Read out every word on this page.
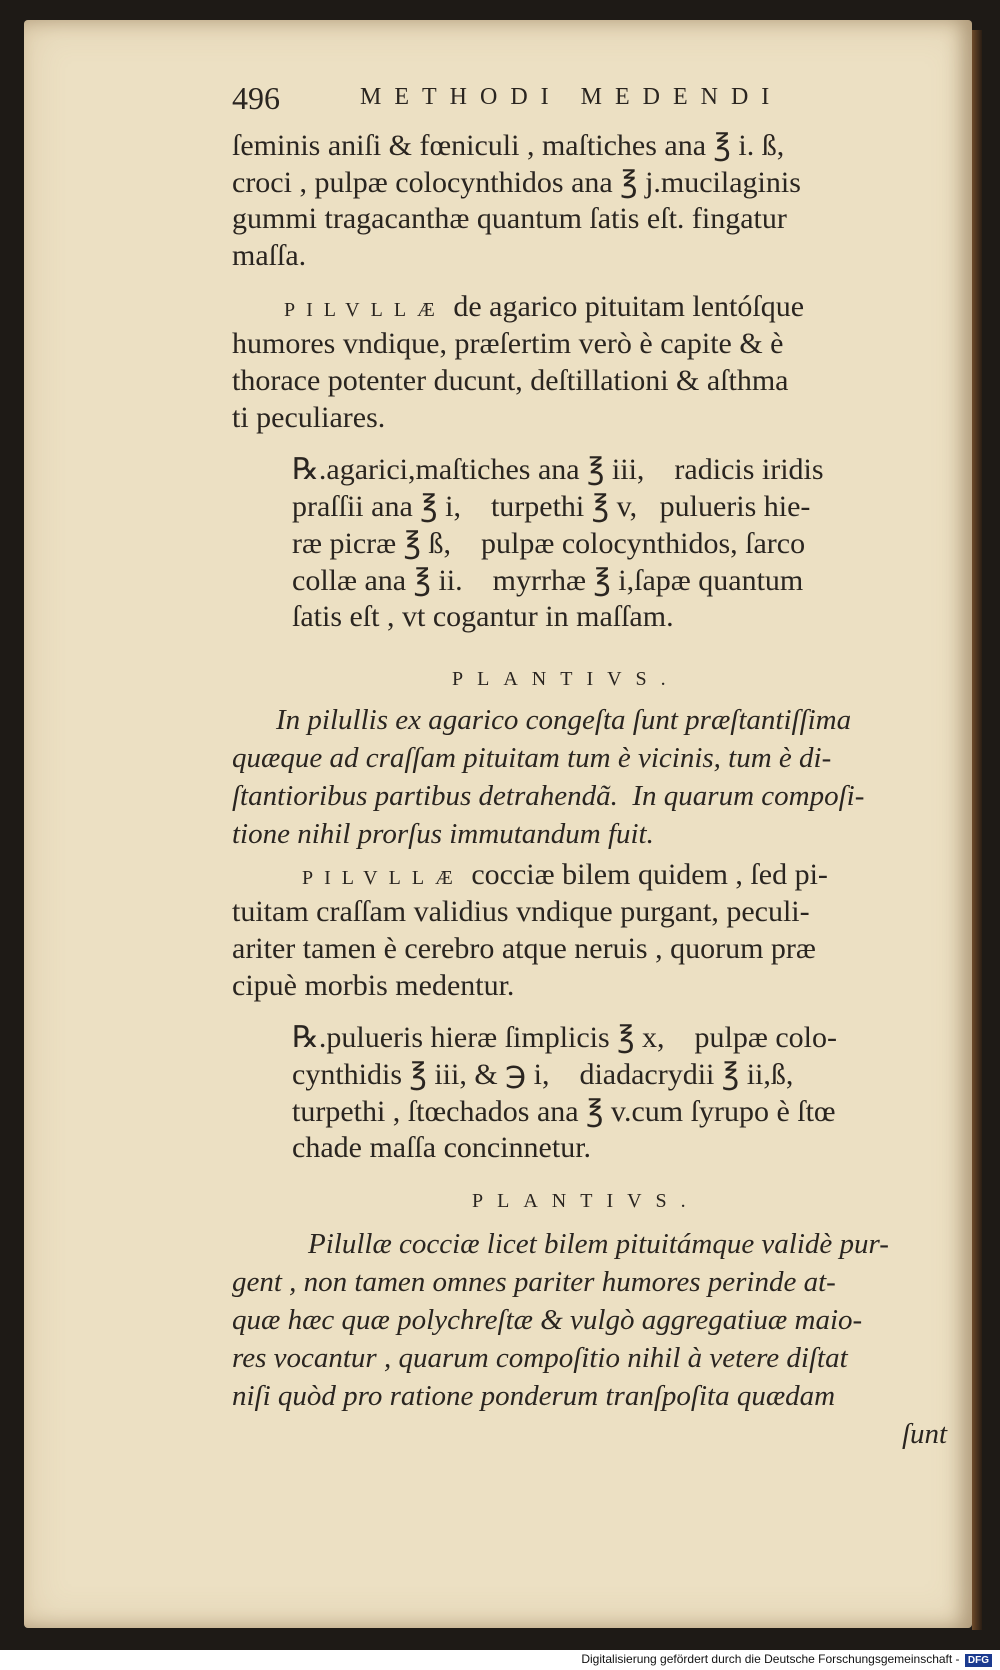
496	METHODI MEDENDI
ſeminis aniſi & fœniculi , maſtiches ana ℥ i. ß,
croci , pulpæ colocynthidos ana ℥ j.mucilaginis
gummi tragacanthæ quantum ſatis eſt. fingatur
maſſa.
PILVLLÆ de agarico pituitam lentóſque
humores vndique, præſertim verò è capite & è
thorace potenter ducunt, deſtillationi & aſthma
ti peculiares.
℞.agarici,maſtiches ana ℥ iii,    radicis iridis
praſſii ana ℥ i,    turpethi ℥ v,   pulueris hie-
ræ picræ ℥ ß,    pulpæ colocynthidos, ſarco
collæ ana ℥ ii.    myrrhæ ℥ i,ſapæ quantum
ſatis eſt , vt cogantur in maſſam.
PLANTIVS.
In pilullis ex agarico congeſta ſunt præſtantiſſima
quæque ad craſſam pituitam tum è vicinis, tum è di-
ſtantioribus partibus detrahendã.  In quarum compoſi-
tione nihil prorſus immutandum fuit.
PILVLLÆ cocciæ bilem quidem , ſed pi-
tuitam craſſam validius vndique purgant, peculi-
ariter tamen è cerebro atque neruis , quorum præ
cipuè morbis medentur.
℞.pulueris hieræ ſimplicis ℥ x,    pulpæ colo-
cynthidis ℥ iii, & ℈ i,    diadacrydii ℥ ii,ß,
turpethi , ſtœchados ana ℥ v.cum ſyrupo è ſtœ
chade maſſa concinnetur.
PLANTIVS.
Pilullæ cocciæ licet bilem pituitámque validè pur-
gent , non tamen omnes pariter humores perinde at-
quæ hæc quæ polychreſtæ & vulgò aggregatiuæ maio-
res vocantur , quarum compoſitio nihil à vetere diſtat
niſi quòd pro ratione ponderum tranſpoſita quædam
ſunt
Digitalisierung gefördert durch die Deutsche Forschungsgemeinschaft - DFG
